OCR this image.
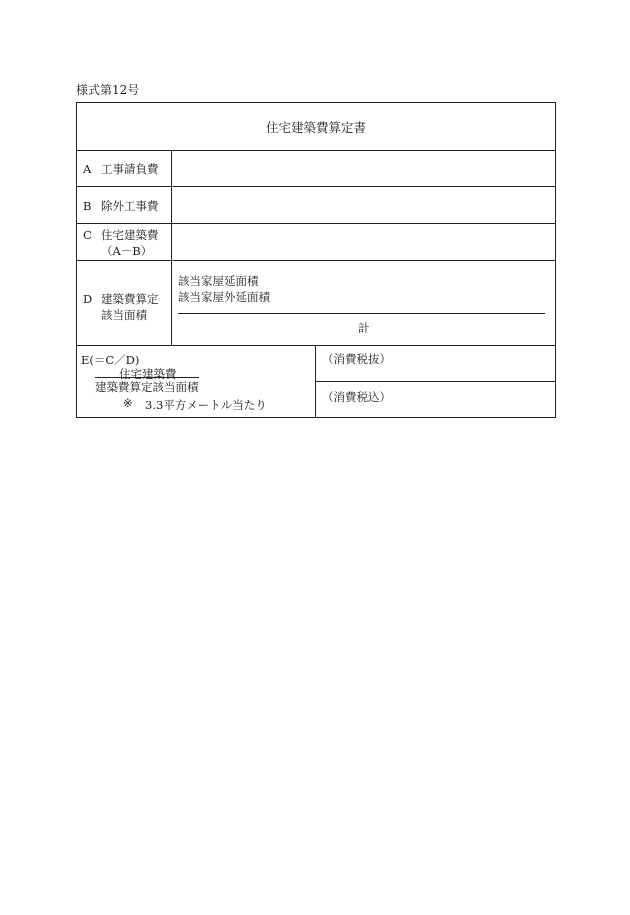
様式第12号
住宅建築費算定書
A 工事請負費
B 除外工事費
C 住宅建築費
（A－B）
D 建築費算定
該当面積
該当家屋延面積
該当家屋外延面積
計
E(＝C／D)
住宅建築費
建築費算定該当面積
※ 3.3平方メートル当たり
（消費税抜）
（消費税込）
